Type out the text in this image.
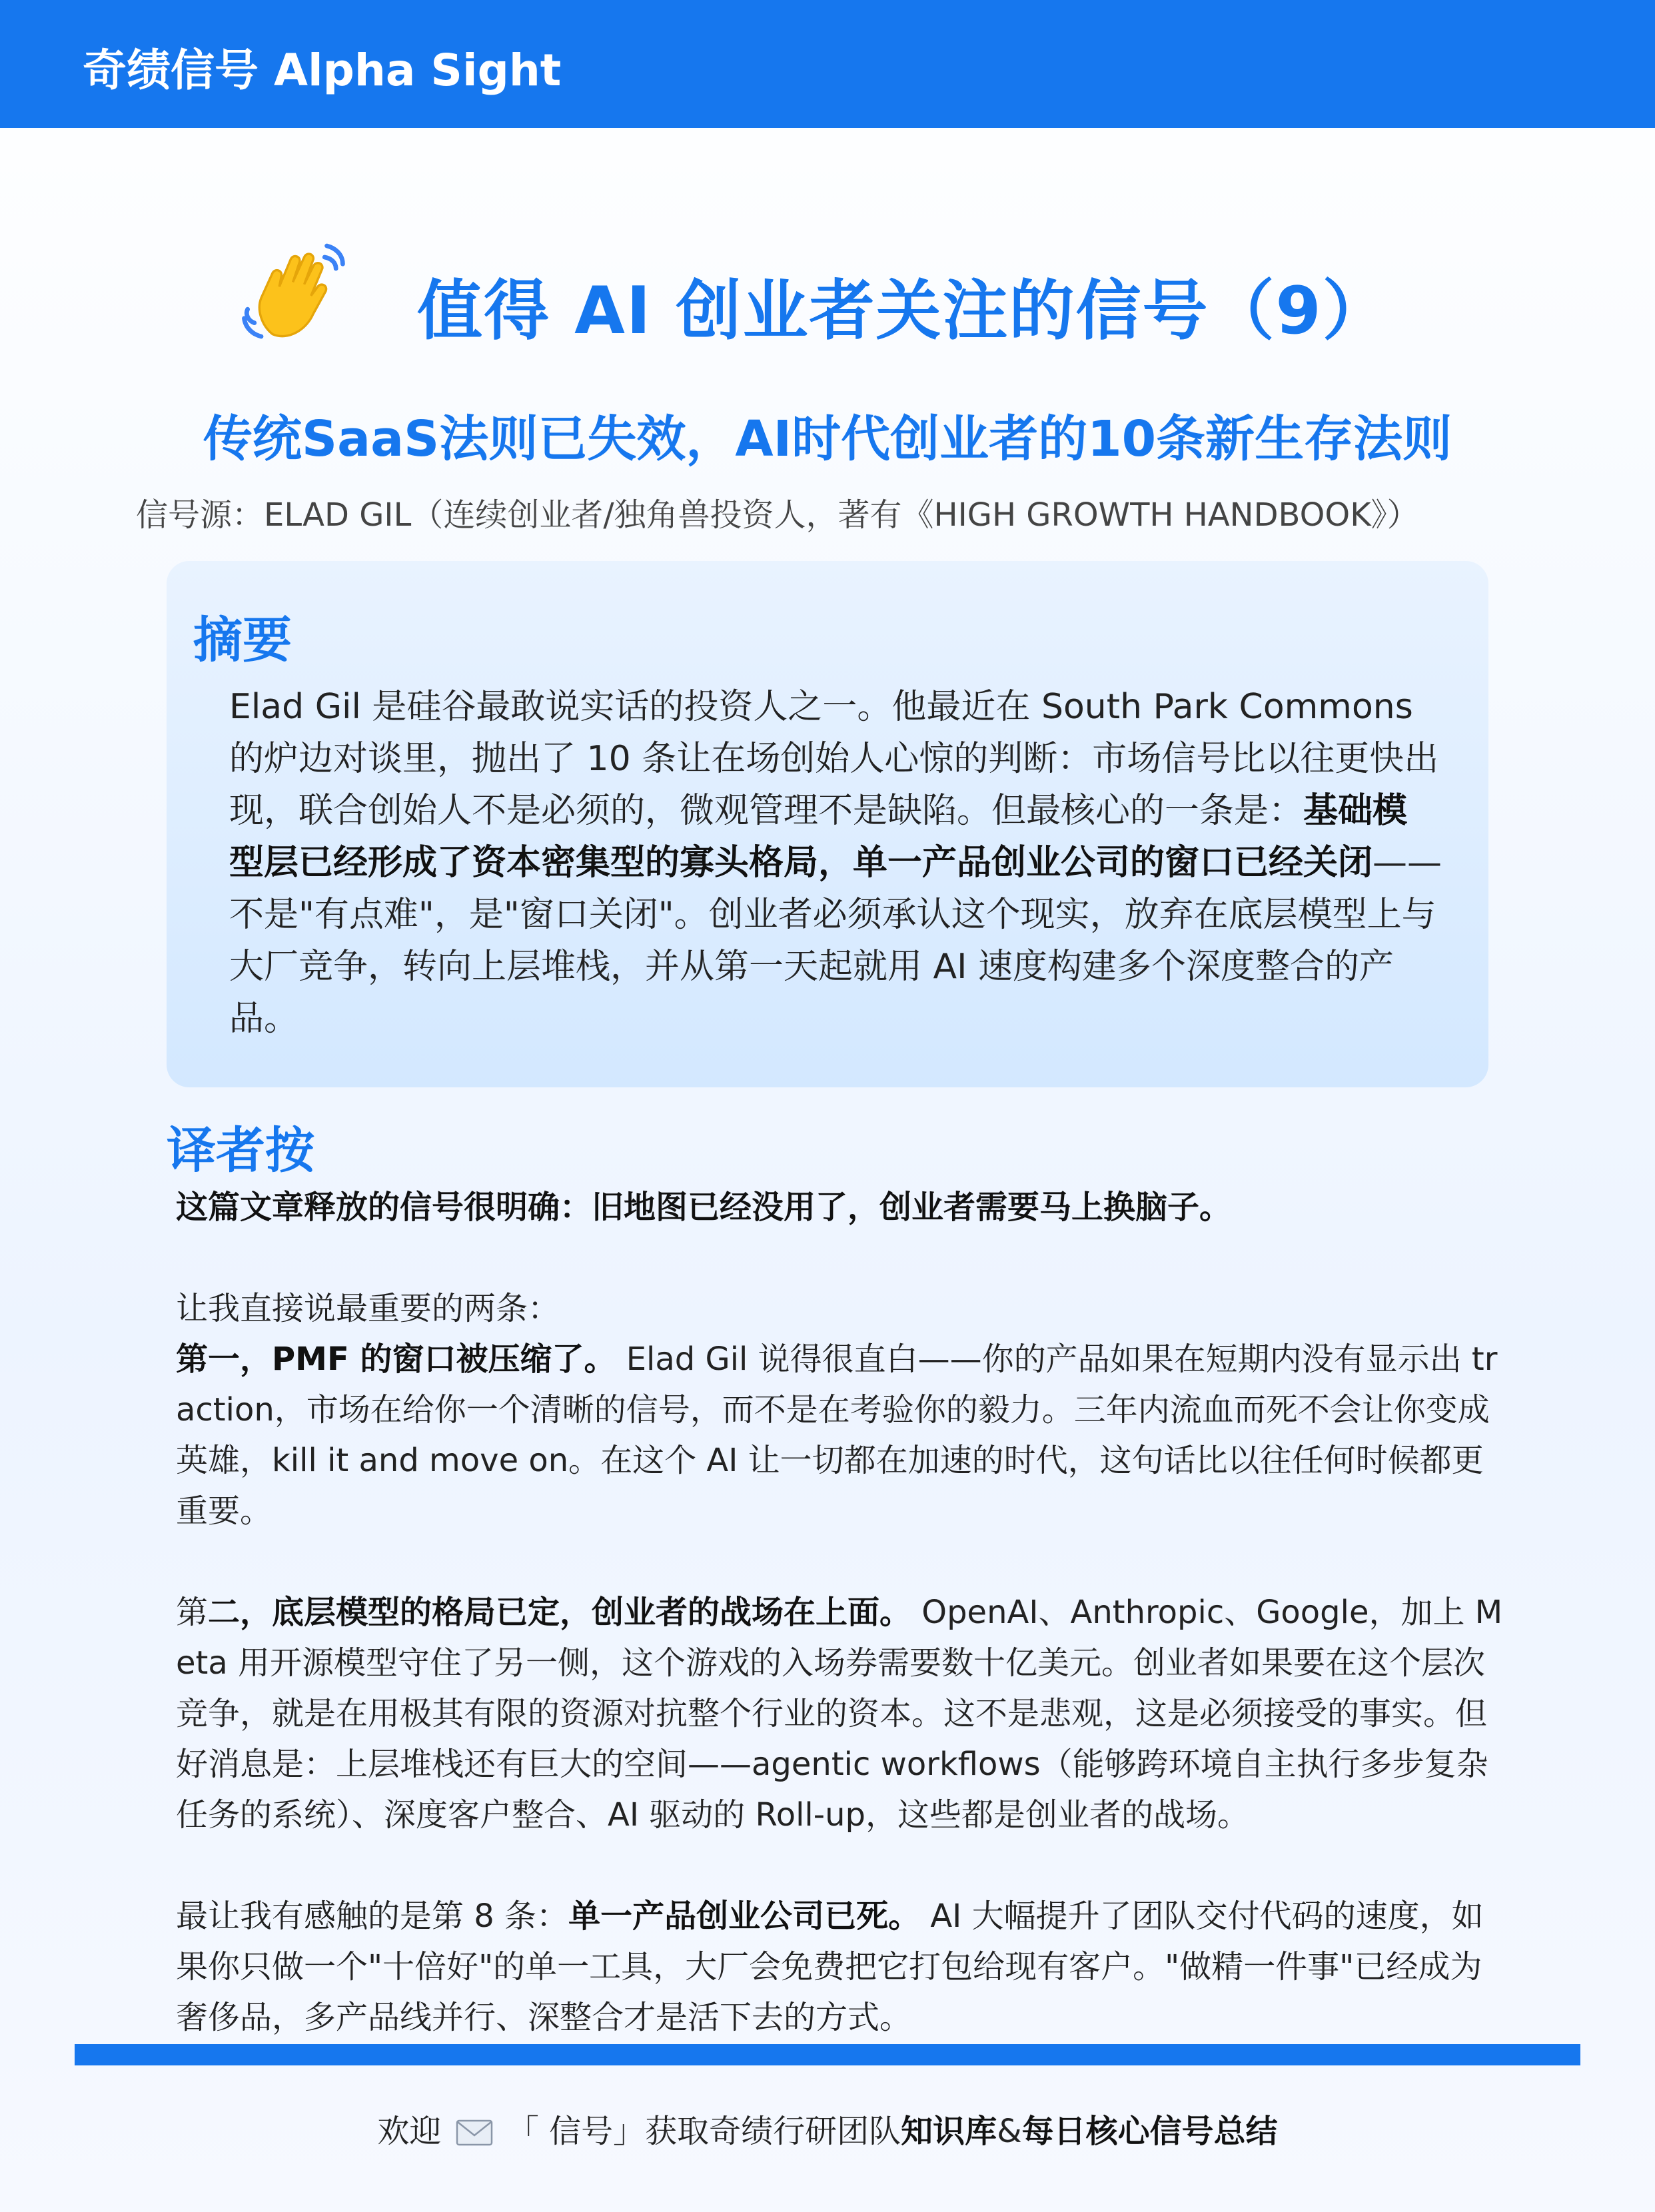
奇绩信号 Alpha Sight
值得 AI 创业者关注的信号（9）
传统SaaS法则已失效，AI时代创业者的10条新生存法则
信号源：ELAD GIL（连续创业者/独角兽投资人，著有《HIGH GROWTH HANDBOOK》）
摘要
Elad Gil 是硅谷最敢说实话的投资人之一。他最近在 South Park Commons 的炉边对谈里，抛出了 10 条让在场创始人心惊的判断：市场信号比以往更快出现，联合创始人不是必须的，微观管理不是缺陷。但最核心的一条是：基础模型层已经形成了资本密集型的寡头格局，单一产品创业公司的窗口已经关闭——不是"有点难"，是"窗口关闭"。创业者必须承认这个现实，放弃在底层模型上与大厂竞争，转向上层堆栈，并从第一天起就用 AI 速度构建多个深度整合的产品。
译者按

这篇文章释放的信号很明确：旧地图已经没用了，创业者需要马上换脑子。

让我直接说最重要的两条：

第一，PMF 的窗口被压缩了。 Elad Gil 说得很直白——你的产品如果在短期内没有显示出 traction，市场在给你一个清晰的信号，而不是在考验你的毅力。三年内流血而死不会让你变成英雄，kill it and move on。在这个 AI 让一切都在加速的时代，这句话比以往任何时候都更重要。

第二，底层模型的格局已定，创业者的战场在上面。 OpenAI、Anthropic、Google，加上 Meta 用开源模型守住了另一侧，这个游戏的入场券需要数十亿美元。创业者如果要在这个层次竞争，就是在用极其有限的资源对抗整个行业的资本。这不是悲观，这是必须接受的事实。但好消息是：上层堆栈还有巨大的空间——agentic workflows（能够跨环境自主执行多步复杂任务的系统）、深度客户整合、AI 驱动的 Roll-up，这些都是创业者的战场。

最让我有感触的是第 8 条：单一产品创业公司已死。 AI 大幅提升了团队交付代码的速度，如果你只做一个"十倍好"的单一工具，大厂会免费把它打包给现有客户。"做精一件事"已经成为奢侈品，多产品线并行、深整合才是活下去的方式。

欢迎 「 信号」获取奇绩行研团队知识库&每日核心信号总结
